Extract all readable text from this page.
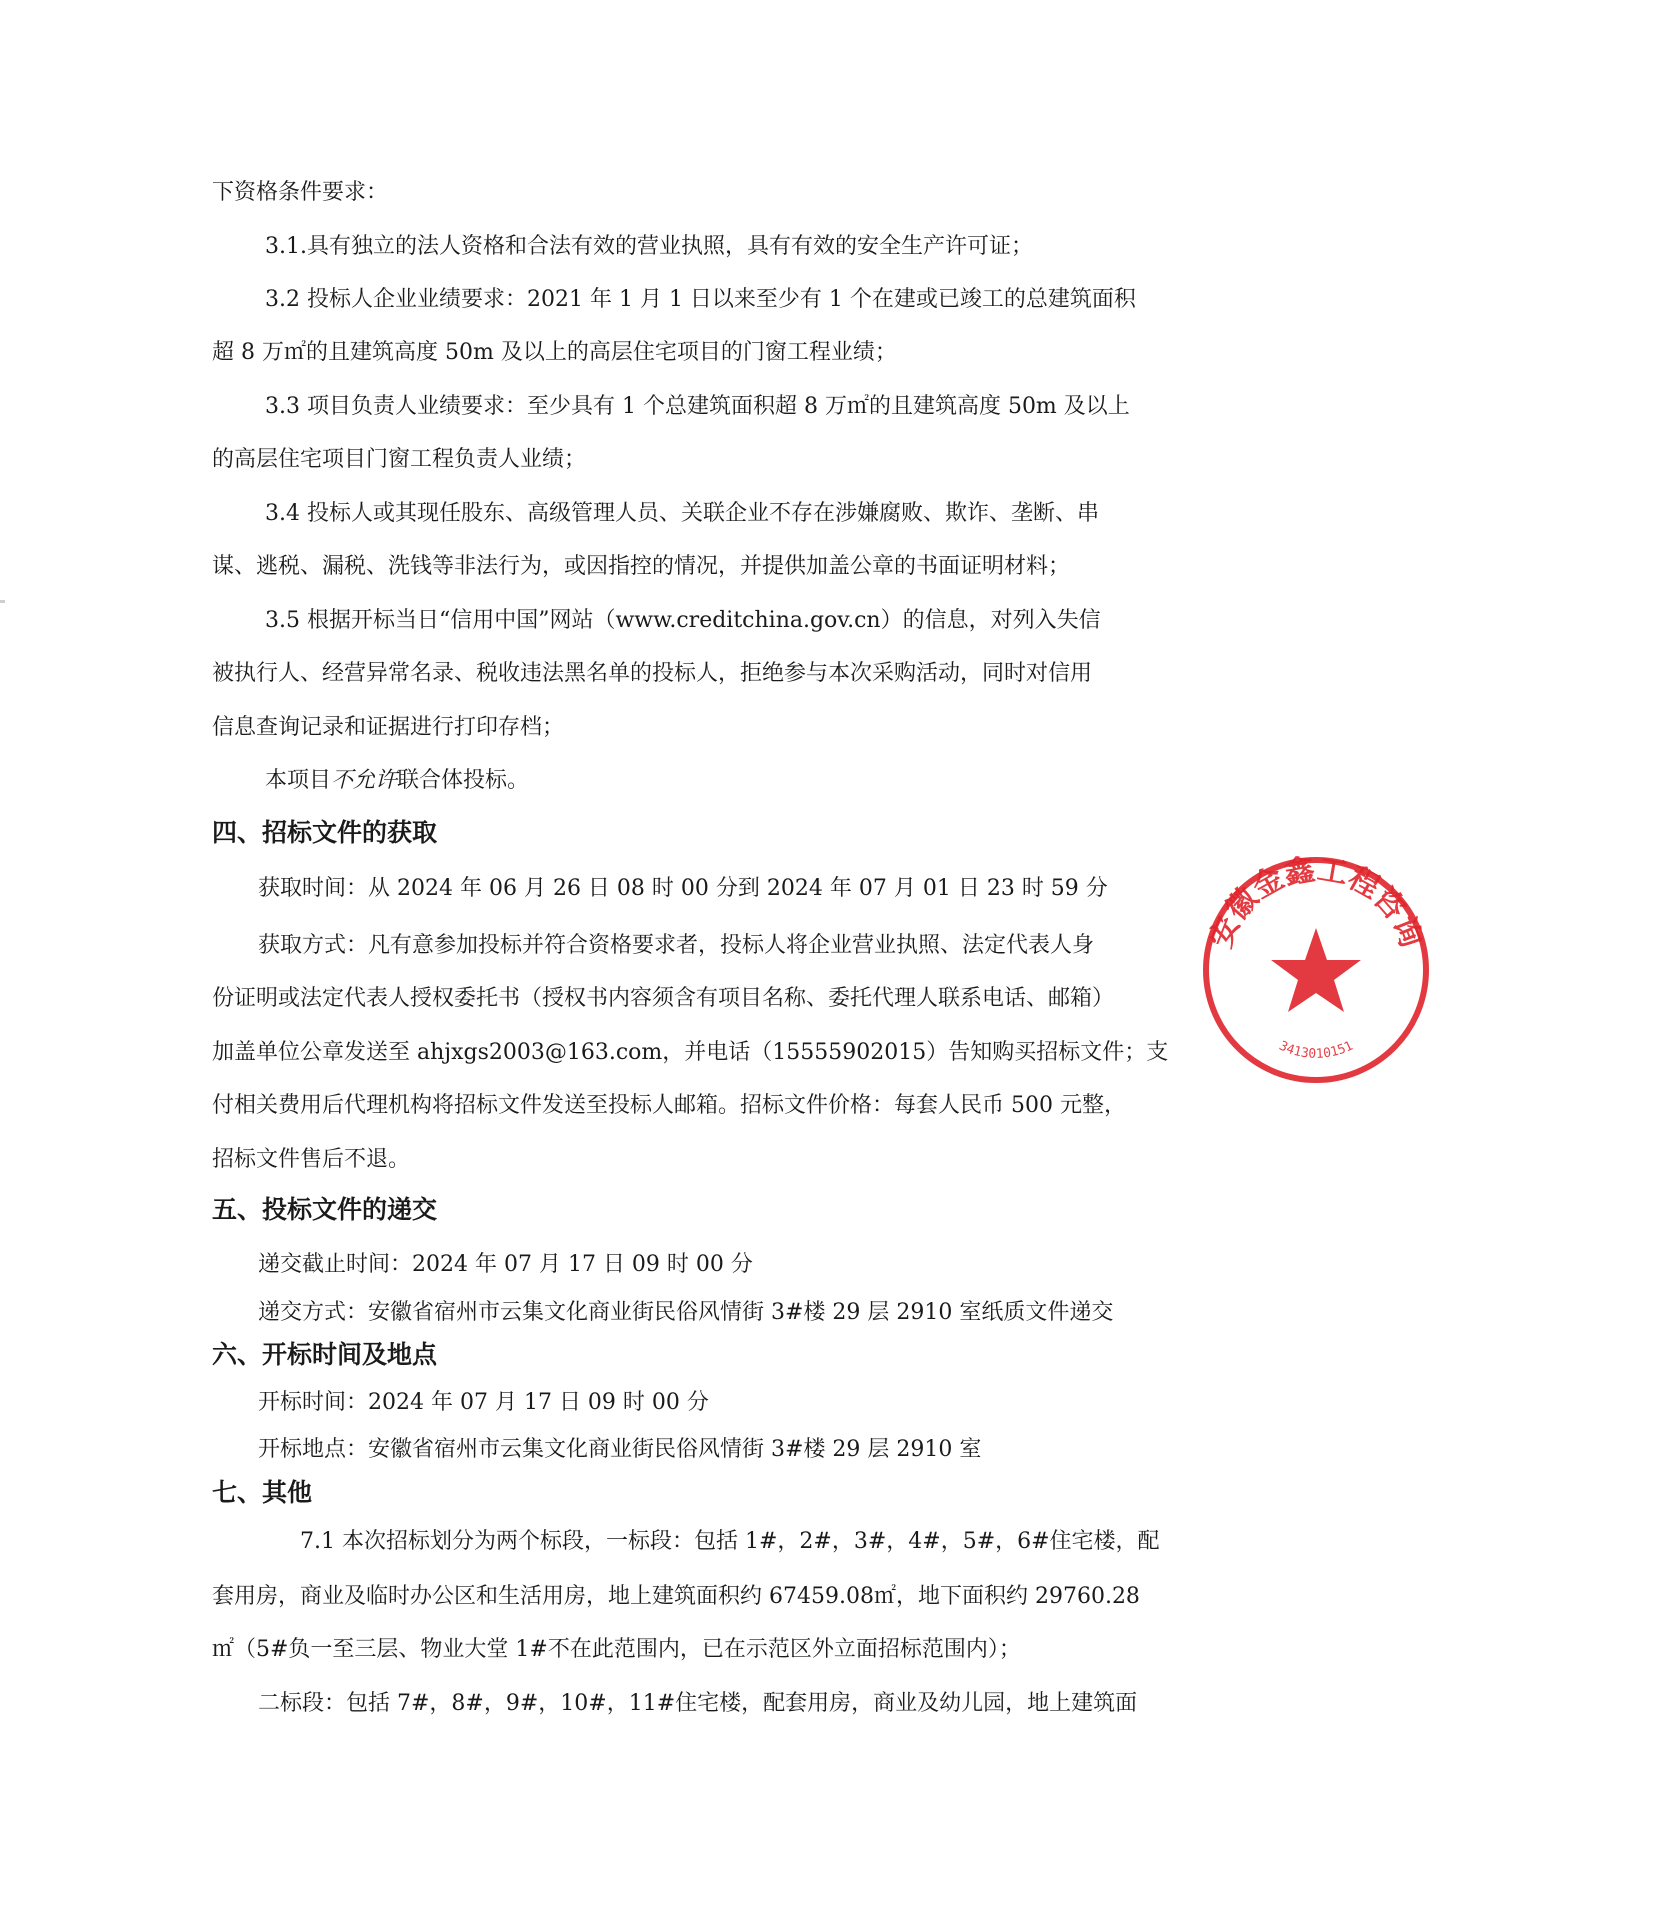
下资格条件要求：

3.1.具有独立的法人资格和合法有效的营业执照，具有有效的安全生产许可证；

3.2 投标人企业业绩要求：2021 年 1 月 1 日以来至少有 1 个在建或已竣工的总建筑面积

超 8 万㎡的且建筑高度 50m 及以上的高层住宅项目的门窗工程业绩；

3.3 项目负责人业绩要求：至少具有 1 个总建筑面积超 8 万㎡的且建筑高度 50m 及以上

的高层住宅项目门窗工程负责人业绩；

3.4 投标人或其现任股东、高级管理人员、关联企业不存在涉嫌腐败、欺诈、垄断、串

谋、逃税、漏税、洗钱等非法行为，或因指控的情况，并提供加盖公章的书面证明材料；

3.5 根据开标当日“信用中国”网站（www.creditchina.gov.cn）的信息，对列入失信

被执行人、经营异常名录、税收违法黑名单的投标人，拒绝参与本次采购活动，同时对信用

信息查询记录和证据进行打印存档；

本项目不允许联合体投标。

四、招标文件的获取

获取时间：从 2024 年 06 月 26 日 08 时 00 分到 2024 年 07 月 01 日 23 时 59 分

获取方式：凡有意参加投标并符合资格要求者，投标人将企业营业执照、法定代表人身

份证明或法定代表人授权委托书（授权书内容须含有项目名称、委托代理人联系电话、邮箱）

加盖单位公章发送至 ahjxgs2003@163.com，并电话（15555902015）告知购买招标文件；支

付相关费用后代理机构将招标文件发送至投标人邮箱。招标文件价格：每套人民币 500 元整，

招标文件售后不退。

五、投标文件的递交

递交截止时间：2024 年 07 月 17 日 09 时 00 分

递交方式：安徽省宿州市云集文化商业街民俗风情街 3#楼 29 层 2910 室纸质文件递交

六、开标时间及地点

开标时间：2024 年 07 月 17 日 09 时 00 分

开标地点：安徽省宿州市云集文化商业街民俗风情街 3#楼 29 层 2910 室

七、其他

7.1 本次招标划分为两个标段，一标段：包括 1#，2#，3#，4#，5#，6#住宅楼，配

套用房，商业及临时办公区和生活用房，地上建筑面积约 67459.08㎡，地下面积约 29760.28

㎡（5#负一至三层、物业大堂 1#不在此范围内，已在示范区外立面招标范围内）；

二标段：包括 7#，8#，9#，10#，11#住宅楼，配套用房，商业及幼儿园，地上建筑面

安徽金鑫工程咨询
3413010151
